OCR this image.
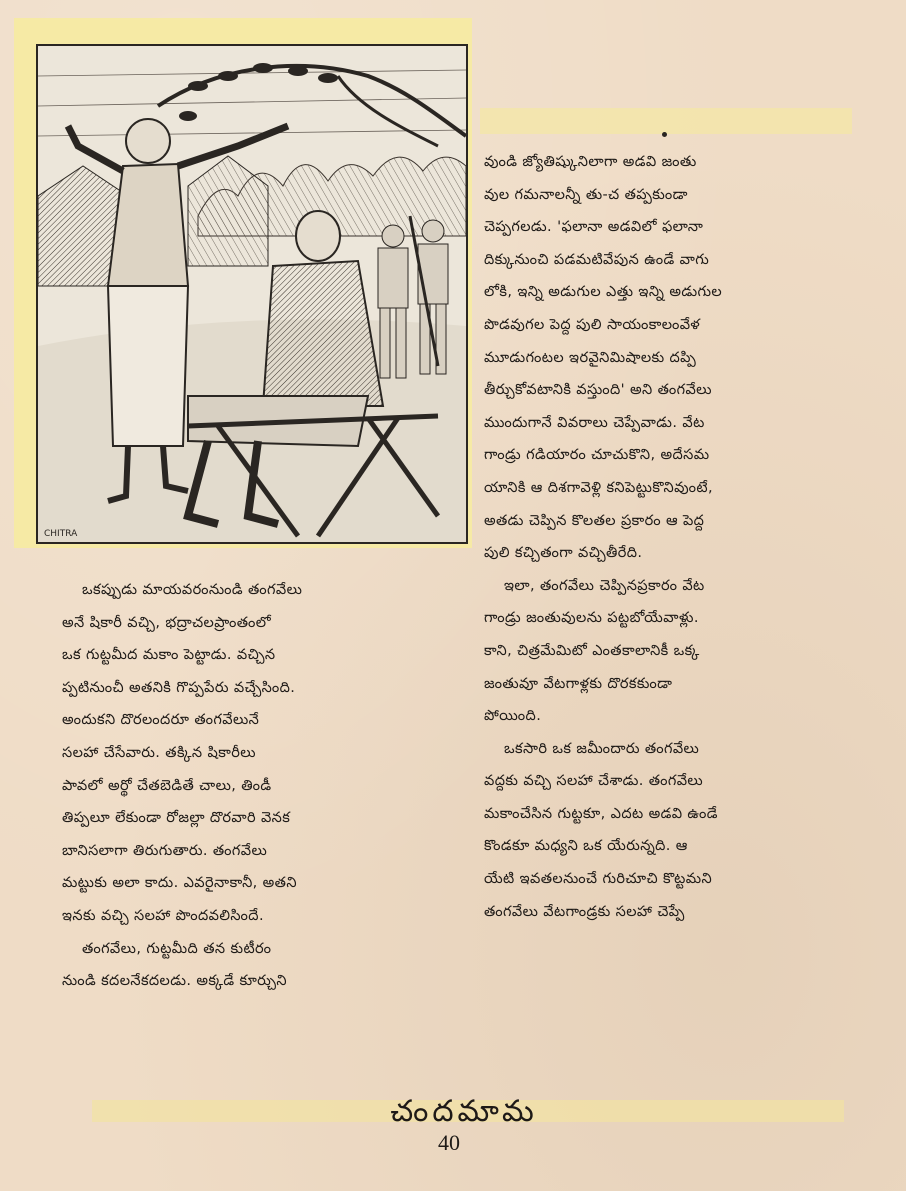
CHITRA
వుండి జ్యోతిష్కునిలాగా అడవి జంతు
వుల గమనాలన్నీ తు-చ తప్పకుండా
చెప్పగలడు. 'ఫలానా అడవిలో ఫలానా
దిక్కునుంచి పడమటివేపున ఉండే వాగు
లోకి, ఇన్ని అడుగుల ఎత్తు ఇన్ని అడుగుల
పొడవుగల పెద్ద పులి సాయంకాలంవేళ
మూడుగంటల ఇరవైనిమిషాలకు దప్పి
తీర్చుకోవటానికి వస్తుంది' అని తంగవేలు
ముందుగానే వివరాలు చెప్పేవాడు. వేట
గాండ్రు గడియారం చూచుకొని, అదేసమ
యానికి ఆ దిశగావెళ్లి కనిపెట్టుకొనివుంటే,
అతడు చెప్పిన కొలతల ప్రకారం ఆ పెద్ద
పులి కచ్చితంగా వచ్చితీరేది.
ఇలా, తంగవేలు చెప్పినప్రకారం వేట
గాండ్రు జంతువులను పట్టబోయేవాళ్లు.
కాని, చిత్రమేమిటో ఎంతకాలానికీ ఒక్క
జంతువూ వేటగాళ్లకు దొరకకుండా
పోయింది.
ఒకసారి ఒక జమీందారు తంగవేలు
వద్దకు వచ్చి సలహా చేశాడు. తంగవేలు
మకాంచేసిన గుట్టకూ, ఎదట అడవి ఉండే
కొండకూ మధ్యని ఒక యేరున్నది. ఆ
యేటి ఇవతలనుంచే గురిచూచి కొట్టమని
తంగవేలు వేటగాండ్రకు సలహా చెప్పే
ఒకప్పుడు మాయవరంనుండి తంగవేలు
అనే షికారీ వచ్చి, భద్రాచలప్రాంతంలో
ఒక గుట్టమీద మకాం పెట్టాడు. వచ్చిన
ప్పటినుంచీ అతనికి గొప్పపేరు వచ్చేసింది.
అందుకని దొరలందరూ తంగవేలునే
సలహా చేసేవారు. తక్కిన షికారీలు
పావలో అర్థో చేతబెడితే చాలు, తిండీ
తిప్పలూ లేకుండా రోజల్లా దొరవారి వెనక
బానిసలాగా తిరుగుతారు. తంగవేలు
మట్టుకు అలా కాదు. ఎవరైనాకానీ, అతని
ఇనకు వచ్చి సలహా పొందవలిసిందే.
తంగవేలు, గుట్టమీది తన కుటీరం
నుండి కదలనేకదలడు. అక్కడే కూర్చుని
చందమామ
40
